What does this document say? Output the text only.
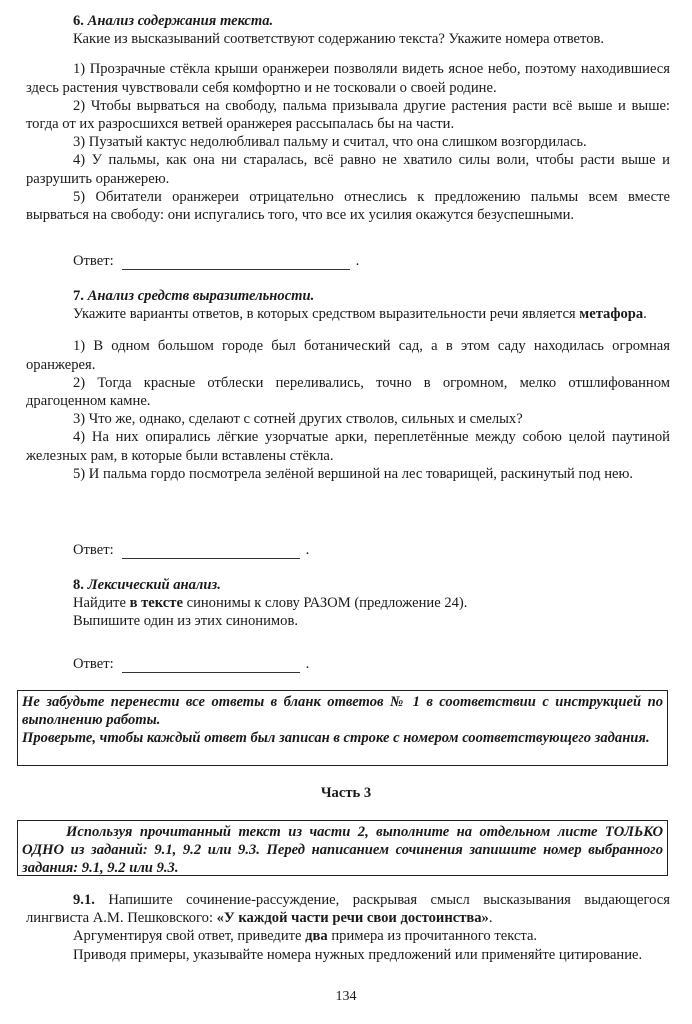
6. Анализ содержания текста.

Какие из высказываний соответствуют содержанию текста? Укажите номера ответов.

1) Прозрачные стёкла крыши оранжереи позволяли видеть ясное небо, поэтому находившиеся здесь растения чувствовали себя комфортно и не тосковали о своей родине.

2) Чтобы вырваться на свободу, пальма призывала другие растения расти всё выше и выше: тогда от их разросшихся ветвей оранжерея рассыпалась бы на части.

3) Пузатый кактус недолюбливал пальму и считал, что она слишком возгордилась.

4) У пальмы, как она ни старалась, всё равно не хватило силы воли, чтобы расти выше и разрушить оранжерею.

5) Обитатели оранжереи отрицательно отнеслись к предложению пальмы всем вместе вырваться на свободу: они испугались того, что все их усилия окажутся безуспешными.

Ответ:	.

7. Анализ средств выразительности.

Укажите варианты ответов, в которых средством выразительности речи является метафора.

1) В одном большом городе был ботанический сад, а в этом саду находилась огромная оранжерея.

2) Тогда красные отблески переливались, точно в огромном, мелко отшлифованном драгоценном камне.

3) Что же, однако, сделают с сотней других стволов, сильных и смелых?

4) На них опирались лёгкие узорчатые арки, переплетённые между собою целой паутиной железных рам, в которые были вставлены стёкла.

5) И пальма гордо посмотрела зелёной вершиной на лес товарищей, раскинутый под нею.

Ответ:	.

8. Лексический анализ.

Найдите в тексте синонимы к слову РАЗОМ (предложение 24).

Выпишите один из этих синонимов.

Ответ:	.

Не забудьте перенести все ответы в бланк ответов № 1 в соответствии с инструкцией по выполнению работы.

Проверьте, чтобы каждый ответ был записан в строке с номером соответствующего задания.

Часть 3

Используя прочитанный текст из части 2, выполните на отдельном листе ТОЛЬКО ОДНО из заданий: 9.1, 9.2 или 9.3. Перед написанием сочинения запишите номер выбранного задания: 9.1, 9.2 или 9.3.

9.1. Напишите сочинение-рассуждение, раскрывая смысл высказывания выдающегося лингвиста А.М. Пешковского: «У каждой части речи свои достоинства».

Аргументируя свой ответ, приведите два примера из прочитанного текста.

Приводя примеры, указывайте номера нужных предложений или применяйте цитирование.

134
